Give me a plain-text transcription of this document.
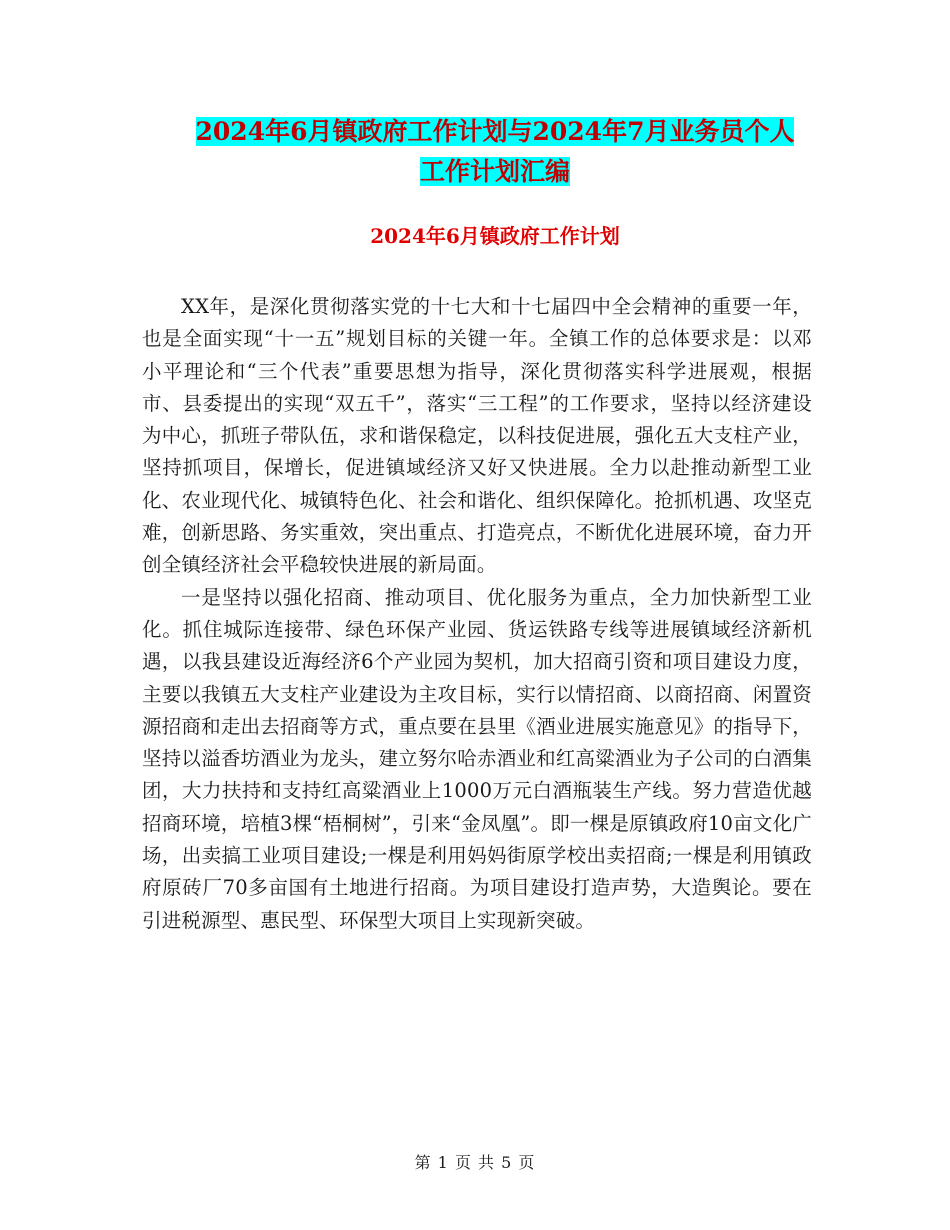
2024年6月镇政府工作计划与2024年7月业务员个人
工作计划汇编
2024年6月镇政府工作计划

XX年，是深化贯彻落实党的十七大和十七届四中全会精神的重要一年，也是全面实现“十一五”规划目标的关键一年。全镇工作的总体要求是：以邓小平理论和“三个代表”重要思想为指导，深化贯彻落实科学进展观，根据市、县委提出的实现“双五千”，落实“三工程”的工作要求，坚持以经济建设为中心，抓班子带队伍，求和谐保稳定，以科技促进展，强化五大支柱产业，坚持抓项目，保增长，促进镇域经济又好又快进展。全力以赴推动新型工业化、农业现代化、城镇特色化、社会和谐化、组织保障化。抢抓机遇、攻坚克难，创新思路、务实重效，突出重点、打造亮点，不断优化进展环境，奋力开创全镇经济社会平稳较快进展的新局面。

一是坚持以强化招商、推动项目、优化服务为重点，全力加快新型工业化。抓住城际连接带、绿色环保产业园、货运铁路专线等进展镇域经济新机遇，以我县建设近海经济6个产业园为契机，加大招商引资和项目建设力度，主要以我镇五大支柱产业建设为主攻目标，实行以情招商、以商招商、闲置资源招商和走出去招商等方式，重点要在县里《酒业进展实施意见》的指导下，坚持以溢香坊酒业为龙头，建立努尔哈赤酒业和红高粱酒业为子公司的白酒集团，大力扶持和支持红高粱酒业上1000万元白酒瓶装生产线。努力营造优越招商环境，培植3棵“梧桐树”，引来“金凤凰”。即一棵是原镇政府10亩文化广场，出卖搞工业项目建设;一棵是利用妈妈街原学校出卖招商;一棵是利用镇政府原砖厂70多亩国有土地进行招商。为项目建设打造声势，大造舆论。要在引进税源型、惠民型、环保型大项目上实现新突破。

第 1 页 共 5 页
